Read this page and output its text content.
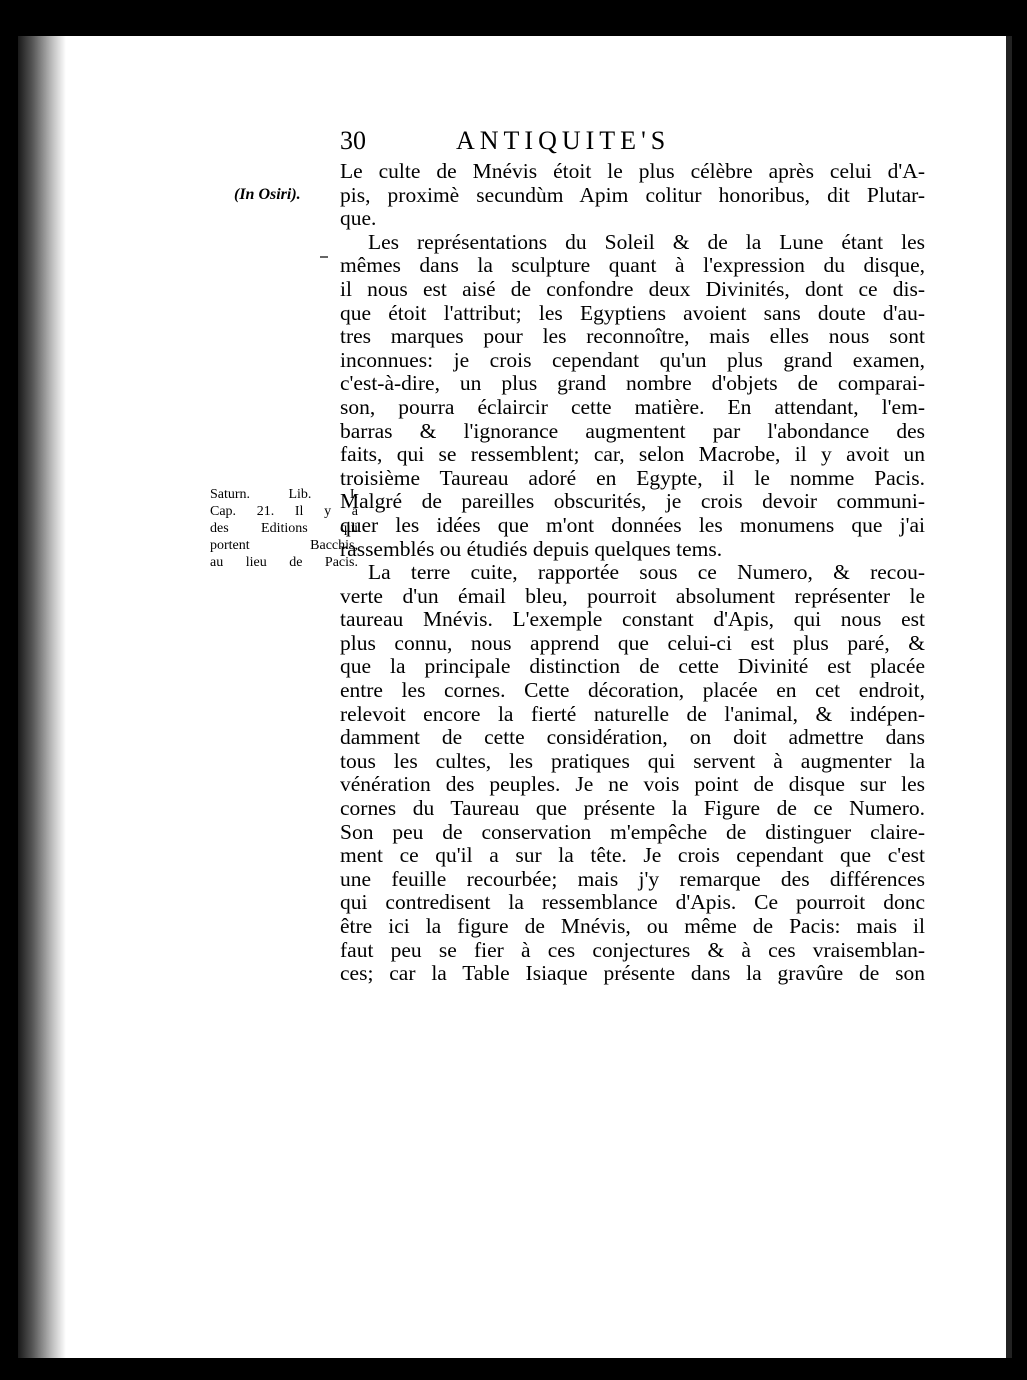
30	ANTIQUITE'S
(In Osiri).
Saturn. Lib. I.
Cap. 21. Il y a
des Editions qui
portent Bacchis,
au lieu de Pacis.
Le culte de Mnévis étoit le plus célèbre après celui d'A-
pis, proximè secundùm Apim colitur honoribus, dit Plutar-
que.
Les représentations du Soleil & de la Lune étant les
mêmes dans la sculpture quant à l'expression du disque,
il nous est aisé de confondre deux Divinités, dont ce dis-
que étoit l'attribut; les Egyptiens avoient sans doute d'au-
tres marques pour les reconnoître, mais elles nous sont
inconnues: je crois cependant qu'un plus grand examen,
c'est-à-dire, un plus grand nombre d'objets de comparai-
son, pourra éclaircir cette matière. En attendant, l'em-
barras & l'ignorance augmentent par l'abondance des
faits, qui se ressemblent; car, selon Macrobe, il y avoit un
troisième Taureau adoré en Egypte, il le nomme Pacis.
Malgré de pareilles obscurités, je crois devoir communi-
quer les idées que m'ont données les monumens que j'ai
rassemblés ou étudiés depuis quelques tems.
La terre cuite, rapportée sous ce Numero, & recou-
verte d'un émail bleu, pourroit absolument représenter le
taureau Mnévis. L'exemple constant d'Apis, qui nous est
plus connu, nous apprend que celui-ci est plus paré, &
que la principale distinction de cette Divinité est placée
entre les cornes. Cette décoration, placée en cet endroit,
relevoit encore la fierté naturelle de l'animal, & indépen-
damment de cette considération, on doit admettre dans
tous les cultes, les pratiques qui servent à augmenter la
vénération des peuples. Je ne vois point de disque sur les
cornes du Taureau que présente la Figure de ce Numero.
Son peu de conservation m'empêche de distinguer claire-
ment ce qu'il a sur la tête. Je crois cependant que c'est
une feuille recourbée; mais j'y remarque des différences
qui contredisent la ressemblance d'Apis. Ce pourroit donc
être ici la figure de Mnévis, ou même de Pacis: mais il
faut peu se fier à ces conjectures & à ces vraisemblan-
ces; car la Table Isiaque présente dans la gravûre de son
